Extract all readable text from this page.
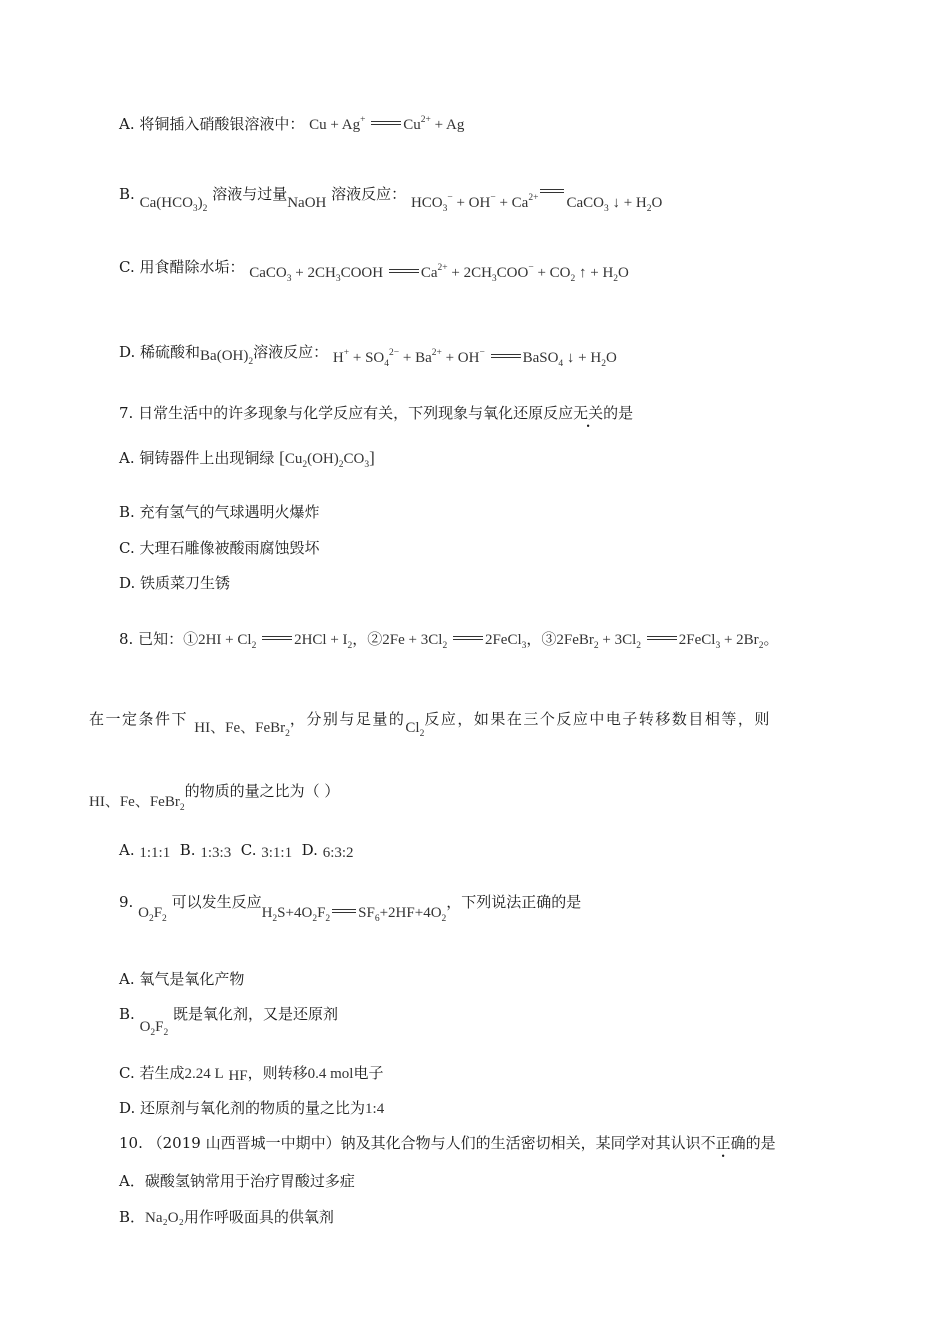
A. 将铜插入硝酸银溶液中： Cu + Ag+	$Cu^{2+} + Ag$
B. $Ca(HCO_3)_2$ 溶液与过量NaOH 溶液反应： $HCO_3^- + OH^- + Ca^{2+}$ CaCO$_3$ ↓ + $H_2O$
C. 用食醋除水垢： CaCO$_3$ + $2CH_3COOH$ $Ca^{2+} + 2CH_3COO^- + CO_2$ ↑ + $H_2O$
D. 稀硫酸和$Ba(OH)_2$溶液反应： $H^+ + SO_4^{2-} + Ba^{2+} + OH^-$	BaSO$_4$ ↓ + $H_2O$
7. 日常生活中的许多现象与化学反应有关，下列现象与氧化还原反应无关的是
A. 铜铸器件上出现铜绿 $[Cu_2(OH)_2CO_3]$
B. 充有氢气的气球遇明火爆炸
C. 大理石雕像被酸雨腐蚀毁坏
D. 铁质菜刀生锈
8. 已知：①2HI + $Cl_2$	$2HCl + I_2$，②2Fe + $3Cl_2$	2FeCl$_3$，③2FeBr$_2$ + $3Cl_2$	2FeCl$_3$ + $2Br_2$。
在一定条件下 HI、Fe、FeBr$_2$，分别与足量的$Cl_2$反应，如果在三个反应中电子转移数目相等，则
HI、Fe、FeBr$_2$的物质的量之比为（ ）
A. 1:1:1 B. 1:3:3 C. 3:1:1 D. 6:3:2
9. $O_2F_2$ 可以发生反应$H_2S+4O_2F_2$ $SF_6+2HF+4O_2$，下列说法正确的是
A. 氧气是氧化产物
B. $O_2F_2$ 既是氧化剂，又是还原剂
C. 若生成2.24 L HF，则转移0.4 mol电子
D. 还原剂与氧化剂的物质的量之比为1:4
10. （2019 山西晋城一中期中）钠及其化合物与人们的生活密切相关，某同学对其认识不正确的是
A．碳酸氢钠常用于治疗胃酸过多症
B．Na₂O₂用作呼吸面具的供氧剂
